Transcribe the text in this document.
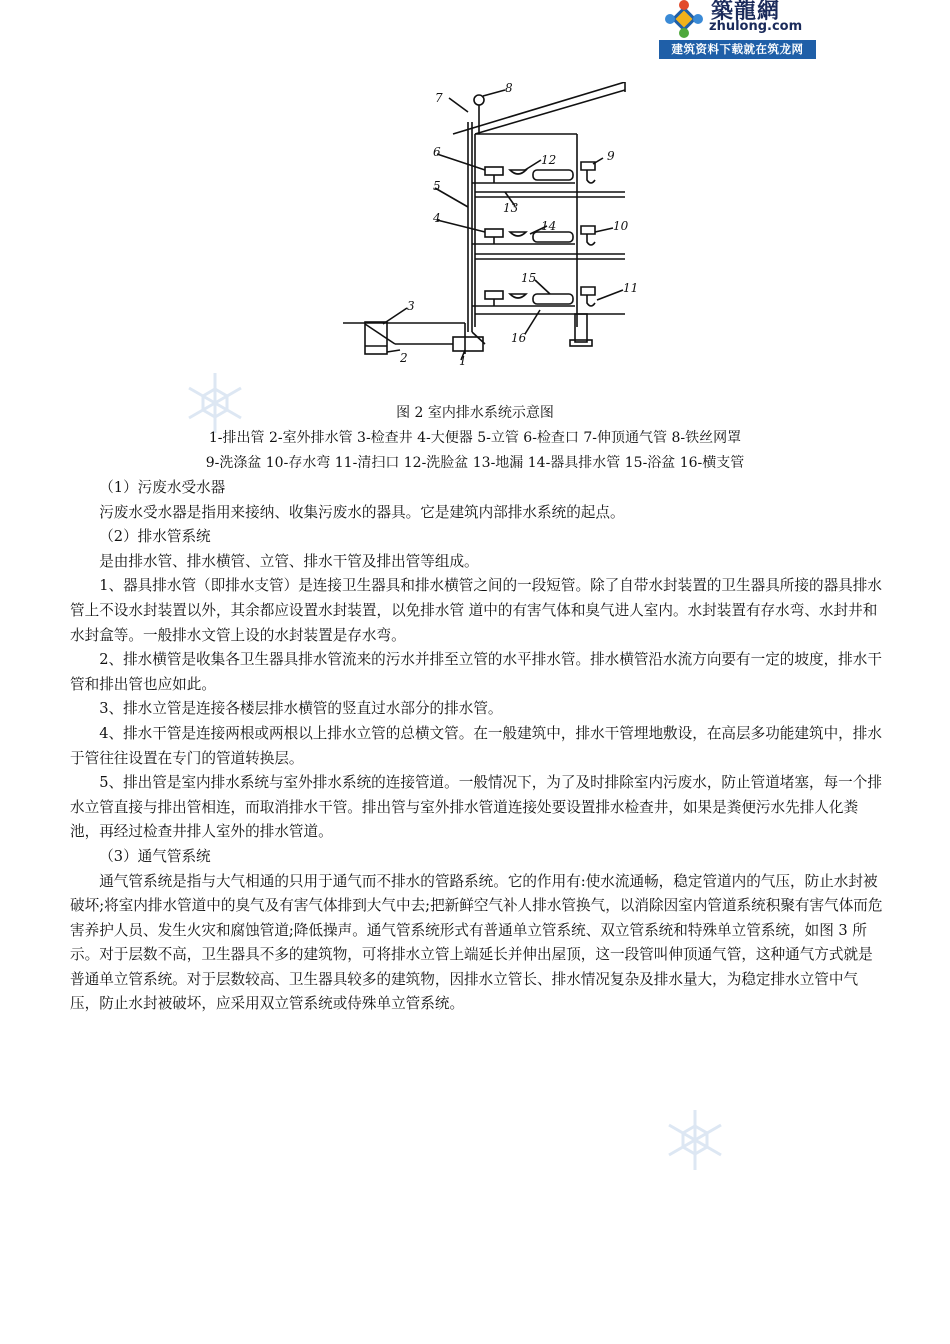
築龍網
zhulong.com
建筑资料下载就在筑龙网
1
2
3
4
5
6
7
8
9
10
11
12
13
14
15
16
图 2 室内排水系统示意图
1-排出管 2-室外排水管 3-检查井 4-大便器 5-立管 6-检查口 7-伸顶通气管 8-铁丝网罩
9-洗涤盆 10-存水弯 11-清扫口 12-洗脸盆 13-地漏 14-器具排水管 15-浴盆 16-横支管

（1）污废水受水器

污废水受水器是指用来接纳、收集污废水的器具。它是建筑内部排水系统的起点。

（2）排水管系统

是由排水管、排水横管、立管、排水干管及排出管等组成。

1、器具排水管（即排水支管）是连接卫生器具和排水横管之间的一段短管。除了自带水封装置的卫生器具所接的器具排水管上不设水封装置以外，其余都应设置水封装置，以免排水管 道中的有害气体和臭气进人室内。水封装置有存水弯、水封井和水封盒等。一般排水文管上设的水封装置是存水弯。

2、排水横管是收集各卫生器具排水管流来的污水并排至立管的水平排水管。排水横管沿水流方向要有一定的坡度，排水干管和排出管也应如此。

3、排水立管是连接各楼层排水横管的竖直过水部分的排水管。

4、排水干管是连接两根或两根以上排水立管的总横文管。在一般建筑中，排水干管埋地敷设，在高层多功能建筑中，排水于管往往设置在专门的管道转换层。

5、排出管是室内排水系统与室外排水系统的连接管道。一般情况下，为了及时排除室内污废水，防止管道堵塞，每一个排水立管直接与排出管相连，而取消排水干管。排出管与室外排水管道连接处要设置排水检查井，如果是粪便污水先排人化粪池，再经过检查井排人室外的排水管道。

（3）通气管系统

通气管系统是指与大气相通的只用于通气而不排水的管路系统。它的作用有:使水流通畅，稳定管道内的气压，防止水封被破坏;将室内排水管道中的臭气及有害气体排到大气中去;把新鲜空气补人排水管换气，以消除因室内管道系统积聚有害气体而危害养护人员、发生火灾和腐蚀管道;降低操声。通气管系统形式有普通单立管系统、双立管系统和特殊单立管系统，如图 3 所示。对于层数不高，卫生器具不多的建筑物，可将排水立管上端延长并伸出屋顶，这一段管叫伸顶通气管，这种通气方式就是普通单立管系统。对于层数较高、卫生器具较多的建筑物，因排水立管长、排水情况复杂及排水量大，为稳定排水立管中气压，防止水封被破坏，应采用双立管系统或侍殊单立管系统。
